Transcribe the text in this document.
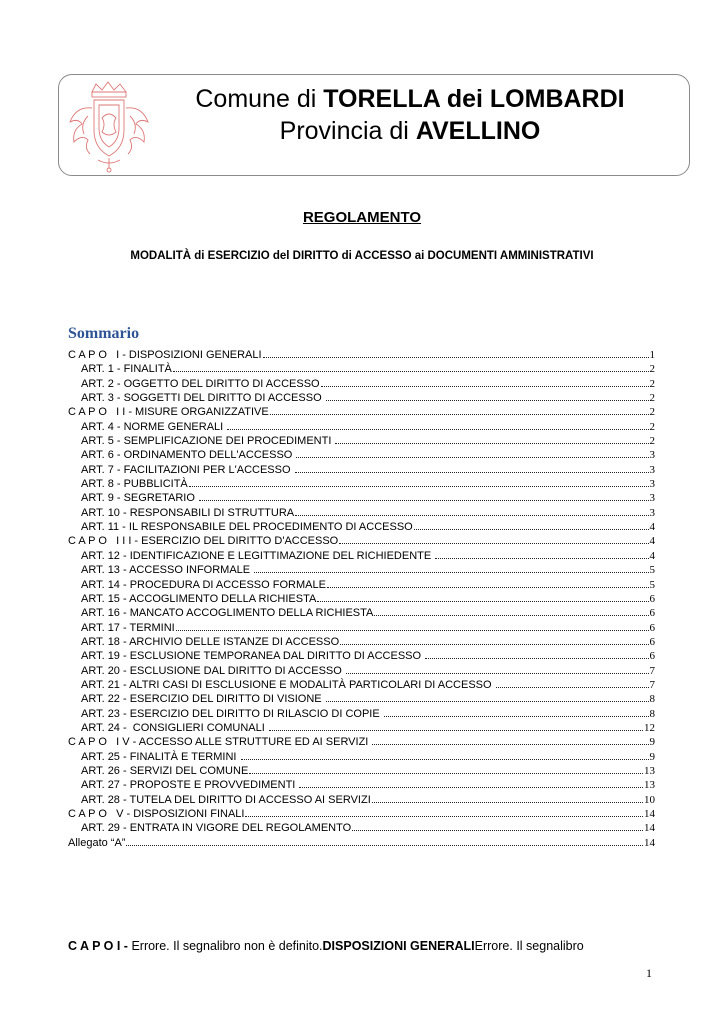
Comune di TORELLA dei LOMBARDI
Provincia di AVELLINO
REGOLAMENTO
MODALITÀ di ESERCIZIO del DIRITTO di ACCESSO ai DOCUMENTI AMMINISTRATIVI
Sommario
C A P O   I - DISPOSIZIONI GENERALI	1
ART. 1 - FINALITÀ	2
ART. 2 - OGGETTO DEL DIRITTO DI ACCESSO	2
ART. 3 - SOGGETTI DEL DIRITTO DI ACCESSO	2
C A P O   I I - MISURE ORGANIZZATIVE	2
ART. 4 - NORME GENERALI	2
ART. 5 - SEMPLIFICAZIONE DEI PROCEDIMENTI	2
ART. 6 - ORDINAMENTO DELL'ACCESSO	3
ART. 7 - FACILITAZIONI PER L'ACCESSO	3
ART. 8 - PUBBLICITÀ	3
ART. 9 - SEGRETARIO	3
ART. 10 - RESPONSABILI DI STRUTTURA	3
ART. 11 - IL RESPONSABILE DEL PROCEDIMENTO DI ACCESSO	4
C A P O   I I I - ESERCIZIO DEL DIRITTO D'ACCESSO	4
ART. 12 - IDENTIFICAZIONE E LEGITTIMAZIONE DEL RICHIEDENTE	4
ART. 13 - ACCESSO INFORMALE	5
ART. 14 - PROCEDURA DI ACCESSO FORMALE	5
ART. 15 - ACCOGLIMENTO DELLA RICHIESTA	6
ART. 16 - MANCATO ACCOGLIMENTO DELLA RICHIESTA	6
ART. 17 - TERMINI	6
ART. 18 - ARCHIVIO DELLE ISTANZE DI ACCESSO	6
ART. 19 - ESCLUSIONE TEMPORANEA DAL DIRITTO DI ACCESSO	6
ART. 20 - ESCLUSIONE DAL DIRITTO DI ACCESSO	7
ART. 21 - ALTRI CASI DI ESCLUSIONE E MODALITÀ PARTICOLARI DI ACCESSO	7
ART. 22 - ESERCIZIO DEL DIRITTO DI VISIONE	8
ART. 23 - ESERCIZIO DEL DIRITTO DI RILASCIO DI COPIE	8
ART. 24 -  CONSIGLIERI COMUNALI	12
C A P O   I V - ACCESSO ALLE STRUTTURE ED AI SERVIZI	9
ART. 25 - FINALITÀ E TERMINI	9
ART. 26 - SERVIZI DEL COMUNE	13
ART. 27 - PROPOSTE E PROVVEDIMENTI	13
ART. 28 - TUTELA DEL DIRITTO DI ACCESSO AI SERVIZI	10
C A P O   V - DISPOSIZIONI FINALI	14
ART. 29 - ENTRATA IN VIGORE DEL REGOLAMENTO	14
Allegato “A”	14
C A P O I - Errore. Il segnalibro non è definito.DISPOSIZIONI GENERALIErrore. Il segnalibro
1
